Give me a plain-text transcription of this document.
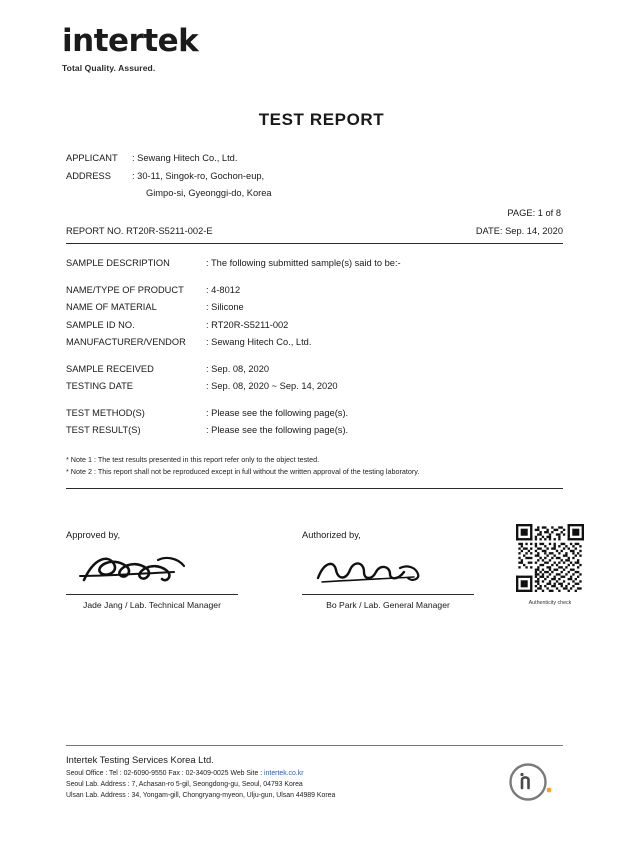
intertek
Total Quality. Assured.
TEST REPORT
APPLICANT	: Sewang Hitech Co., Ltd.
ADDRESS	: 30-11, Singok-ro, Gochon-eup,
Gimpo-si, Gyeonggi-do, Korea
PAGE: 1 of 8
REPORT NO. RT20R-S5211-002-E	DATE: Sep. 14, 2020
SAMPLE DESCRIPTION	: The following submitted sample(s) said to be:-
NAME/TYPE OF PRODUCT	: 4-8012
NAME OF MATERIAL	: Silicone
SAMPLE ID NO.	: RT20R-S5211-002
MANUFACTURER/VENDOR	: Sewang Hitech Co., Ltd.
SAMPLE RECEIVED	: Sep. 08, 2020
TESTING DATE	: Sep. 08, 2020 ~ Sep. 14, 2020
TEST METHOD(S)	: Please see the following page(s).
TEST RESULT(S)	: Please see the following page(s).
* Note 1 : The test results presented in this report refer only to the object tested.
* Note 2 : This report shall not be reproduced except in full without the written approval of the testing laboratory.
Approved by,
Jade Jang / Lab. Technical Manager
Authorized by,
Bo Park / Lab. General Manager	Authenticity check
Intertek Testing Services Korea Ltd.
Seoul Office : Tel : 02-6090-9550 Fax : 02-3409-0025 Web Site : intertek.co.kr
Seoul Lab. Address : 7, Achasan-ro 5-gil, Seongdong-gu, Seoul, 04793 Korea
Ulsan Lab. Address : 34, Yongam-gill, Chongryang-myeon, Ulju-gun, Ulsan 44989 Korea
